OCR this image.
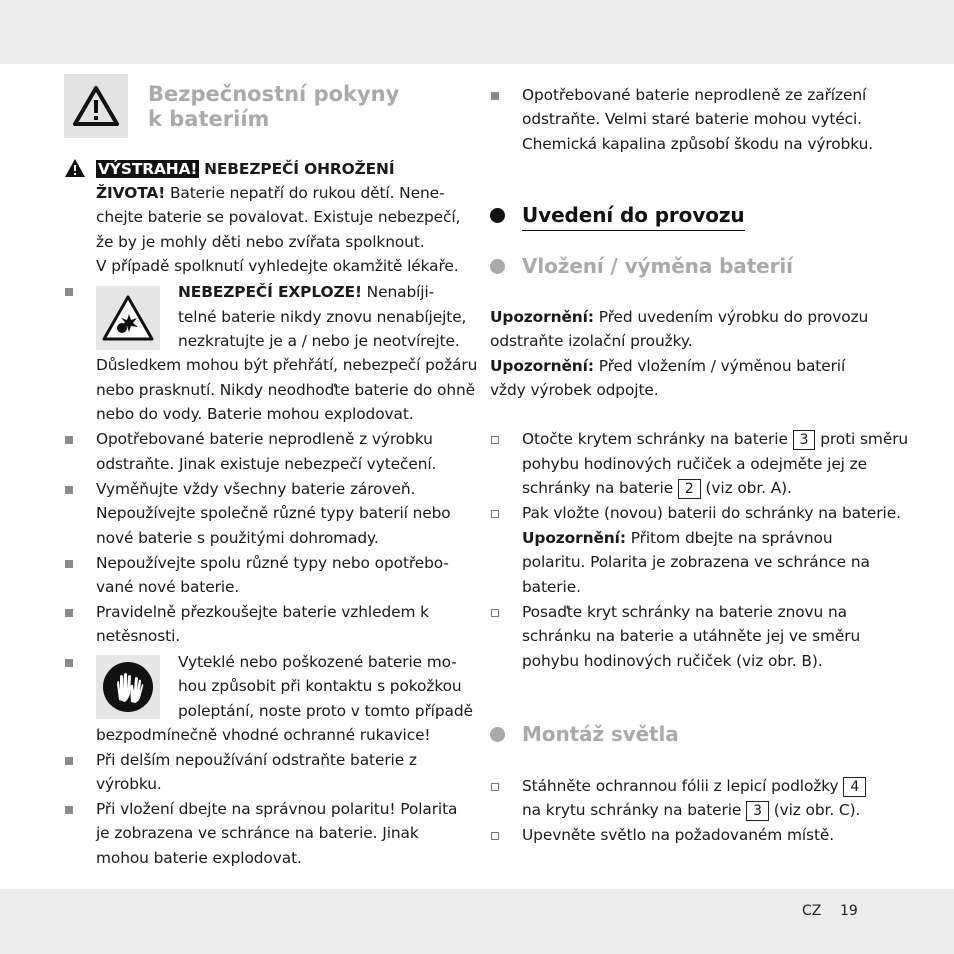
Bezpečnostní pokyny
k bateriím
VÝSTRAHA! NEBEZPEČÍ OHROŽENÍ
ŽIVOTA! Baterie nepatří do rukou dětí. Nene-
chejte baterie se povalovat. Existuje nebezpečí,
že by je mohly děti nebo zvířata spolknout.
V případě spolknutí vyhledejte okamžitě lékaře.
NEBEZPEČÍ EXPLOZE! Nenabíji-
telné baterie nikdy znovu nenabíjejte,
nezkratujte je a / nebo je neotvírejte.
Důsledkem mohou být přehřátí, nebezpečí požáru
nebo prasknutí. Nikdy neodhoďte baterie do ohně
nebo do vody. Baterie mohou explodovat.
Opotřebované baterie neprodleně z výrobku
odstraňte. Jinak existuje nebezpečí vytečení.
Vyměňujte vždy všechny baterie zároveň.
Nepoužívejte společně různé typy baterií nebo
nové baterie s použitými dohromady.
Nepoužívejte spolu různé typy nebo opotřebo-
vané nové baterie.
Pravidelně přezkoušejte baterie vzhledem k
netěsnosti.
Vyteklé nebo poškozené baterie mo-
hou způsobit při kontaktu s pokožkou
poleptání, noste proto v tomto případě
bezpodmínečně vhodné ochranné rukavice!
Při delším nepoužívání odstraňte baterie z
výrobku.
Při vložení dbejte na správnou polaritu! Polarita
je zobrazena ve schránce na baterie. Jinak
mohou baterie explodovat.
Opotřebované baterie neprodleně ze zařízení
odstraňte. Velmi staré baterie mohou vytéci.
Chemická kapalina způsobí škodu na výrobku.
Uvedení do provozu
Vložení / výměna baterií
Upozornění: Před uvedením výrobku do provozu
odstraňte izolační proužky.
Upozornění: Před vložením / výměnou baterií
vždy výrobek odpojte.
Otočte krytem schránky na baterie 3 proti směru
pohybu hodinových ručiček a odejměte jej ze
schránky na baterie 2 (viz obr. A).
Pak vložte (novou) baterii do schránky na baterie.
Upozornění: Přitom dbejte na správnou
polaritu. Polarita je zobrazena ve schránce na
baterie.
Posaďte kryt schránky na baterie znovu na
schránku na baterie a utáhněte jej ve směru
pohybu hodinových ručiček (viz obr. B).
Montáž světla
Stáhněte ochrannou fólii z lepicí podložky 4
na krytu schránky na baterie 3 (viz obr. C).
Upevněte světlo na požadovaném místě.
CZ 19
